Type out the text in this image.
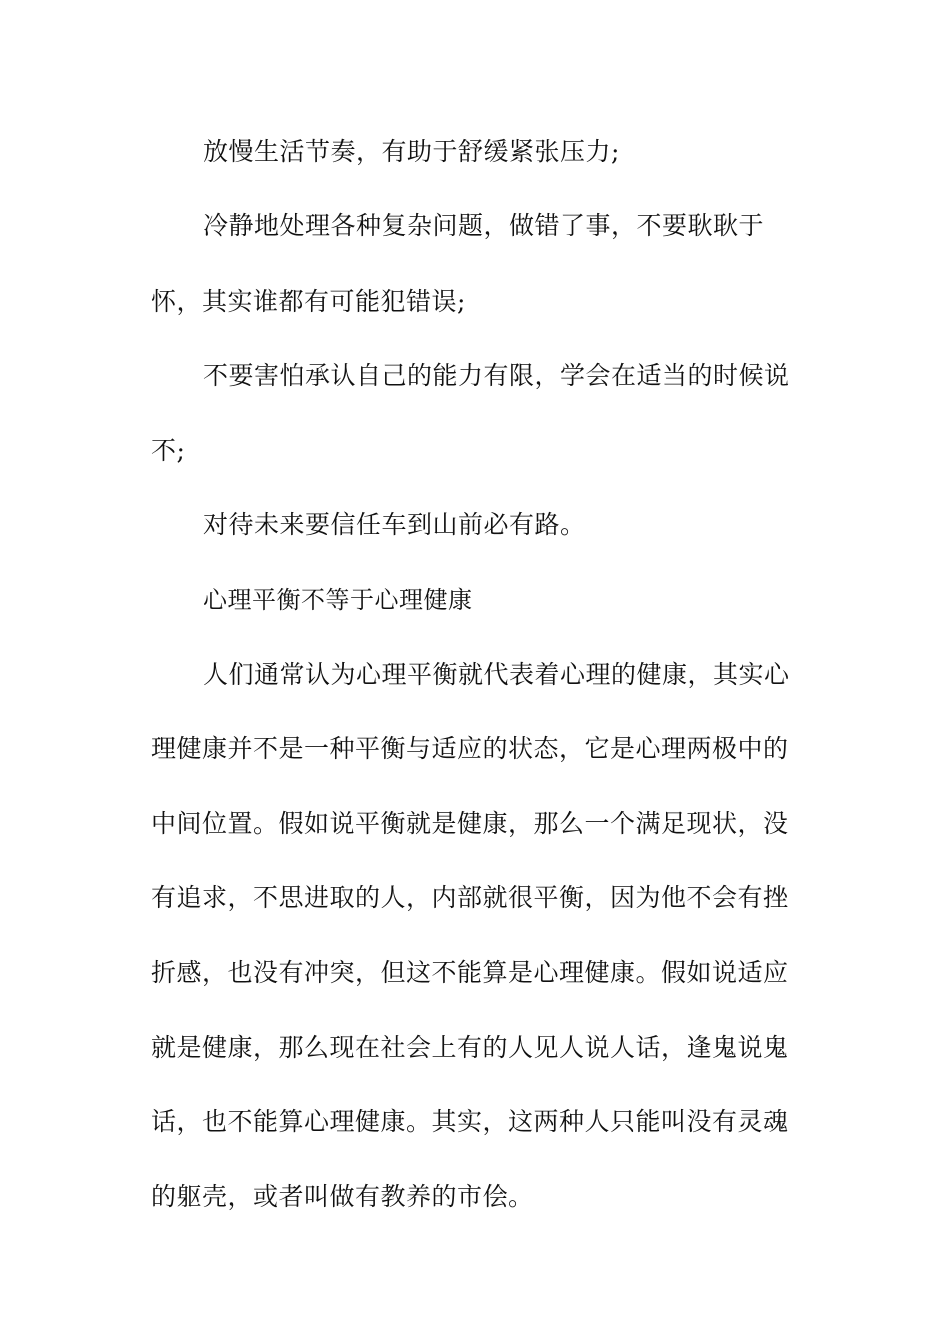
放慢生活节奏，有助于舒缓紧张压力;
冷静地处理各种复杂问题，做错了事，不要耿耿于
怀，其实谁都有可能犯错误;
不要害怕承认自己的能力有限，学会在适当的时候说
不;
对待未来要信任车到山前必有路。
心理平衡不等于心理健康
人们通常认为心理平衡就代表着心理的健康，其实心
理健康并不是一种平衡与适应的状态，它是心理两极中的
中间位置。假如说平衡就是健康，那么一个满足现状，没
有追求，不思进取的人，内部就很平衡，因为他不会有挫
折感，也没有冲突，但这不能算是心理健康。假如说适应
就是健康，那么现在社会上有的人见人说人话，逢鬼说鬼
话，也不能算心理健康。其实，这两种人只能叫没有灵魂
的躯壳，或者叫做有教养的市侩。
